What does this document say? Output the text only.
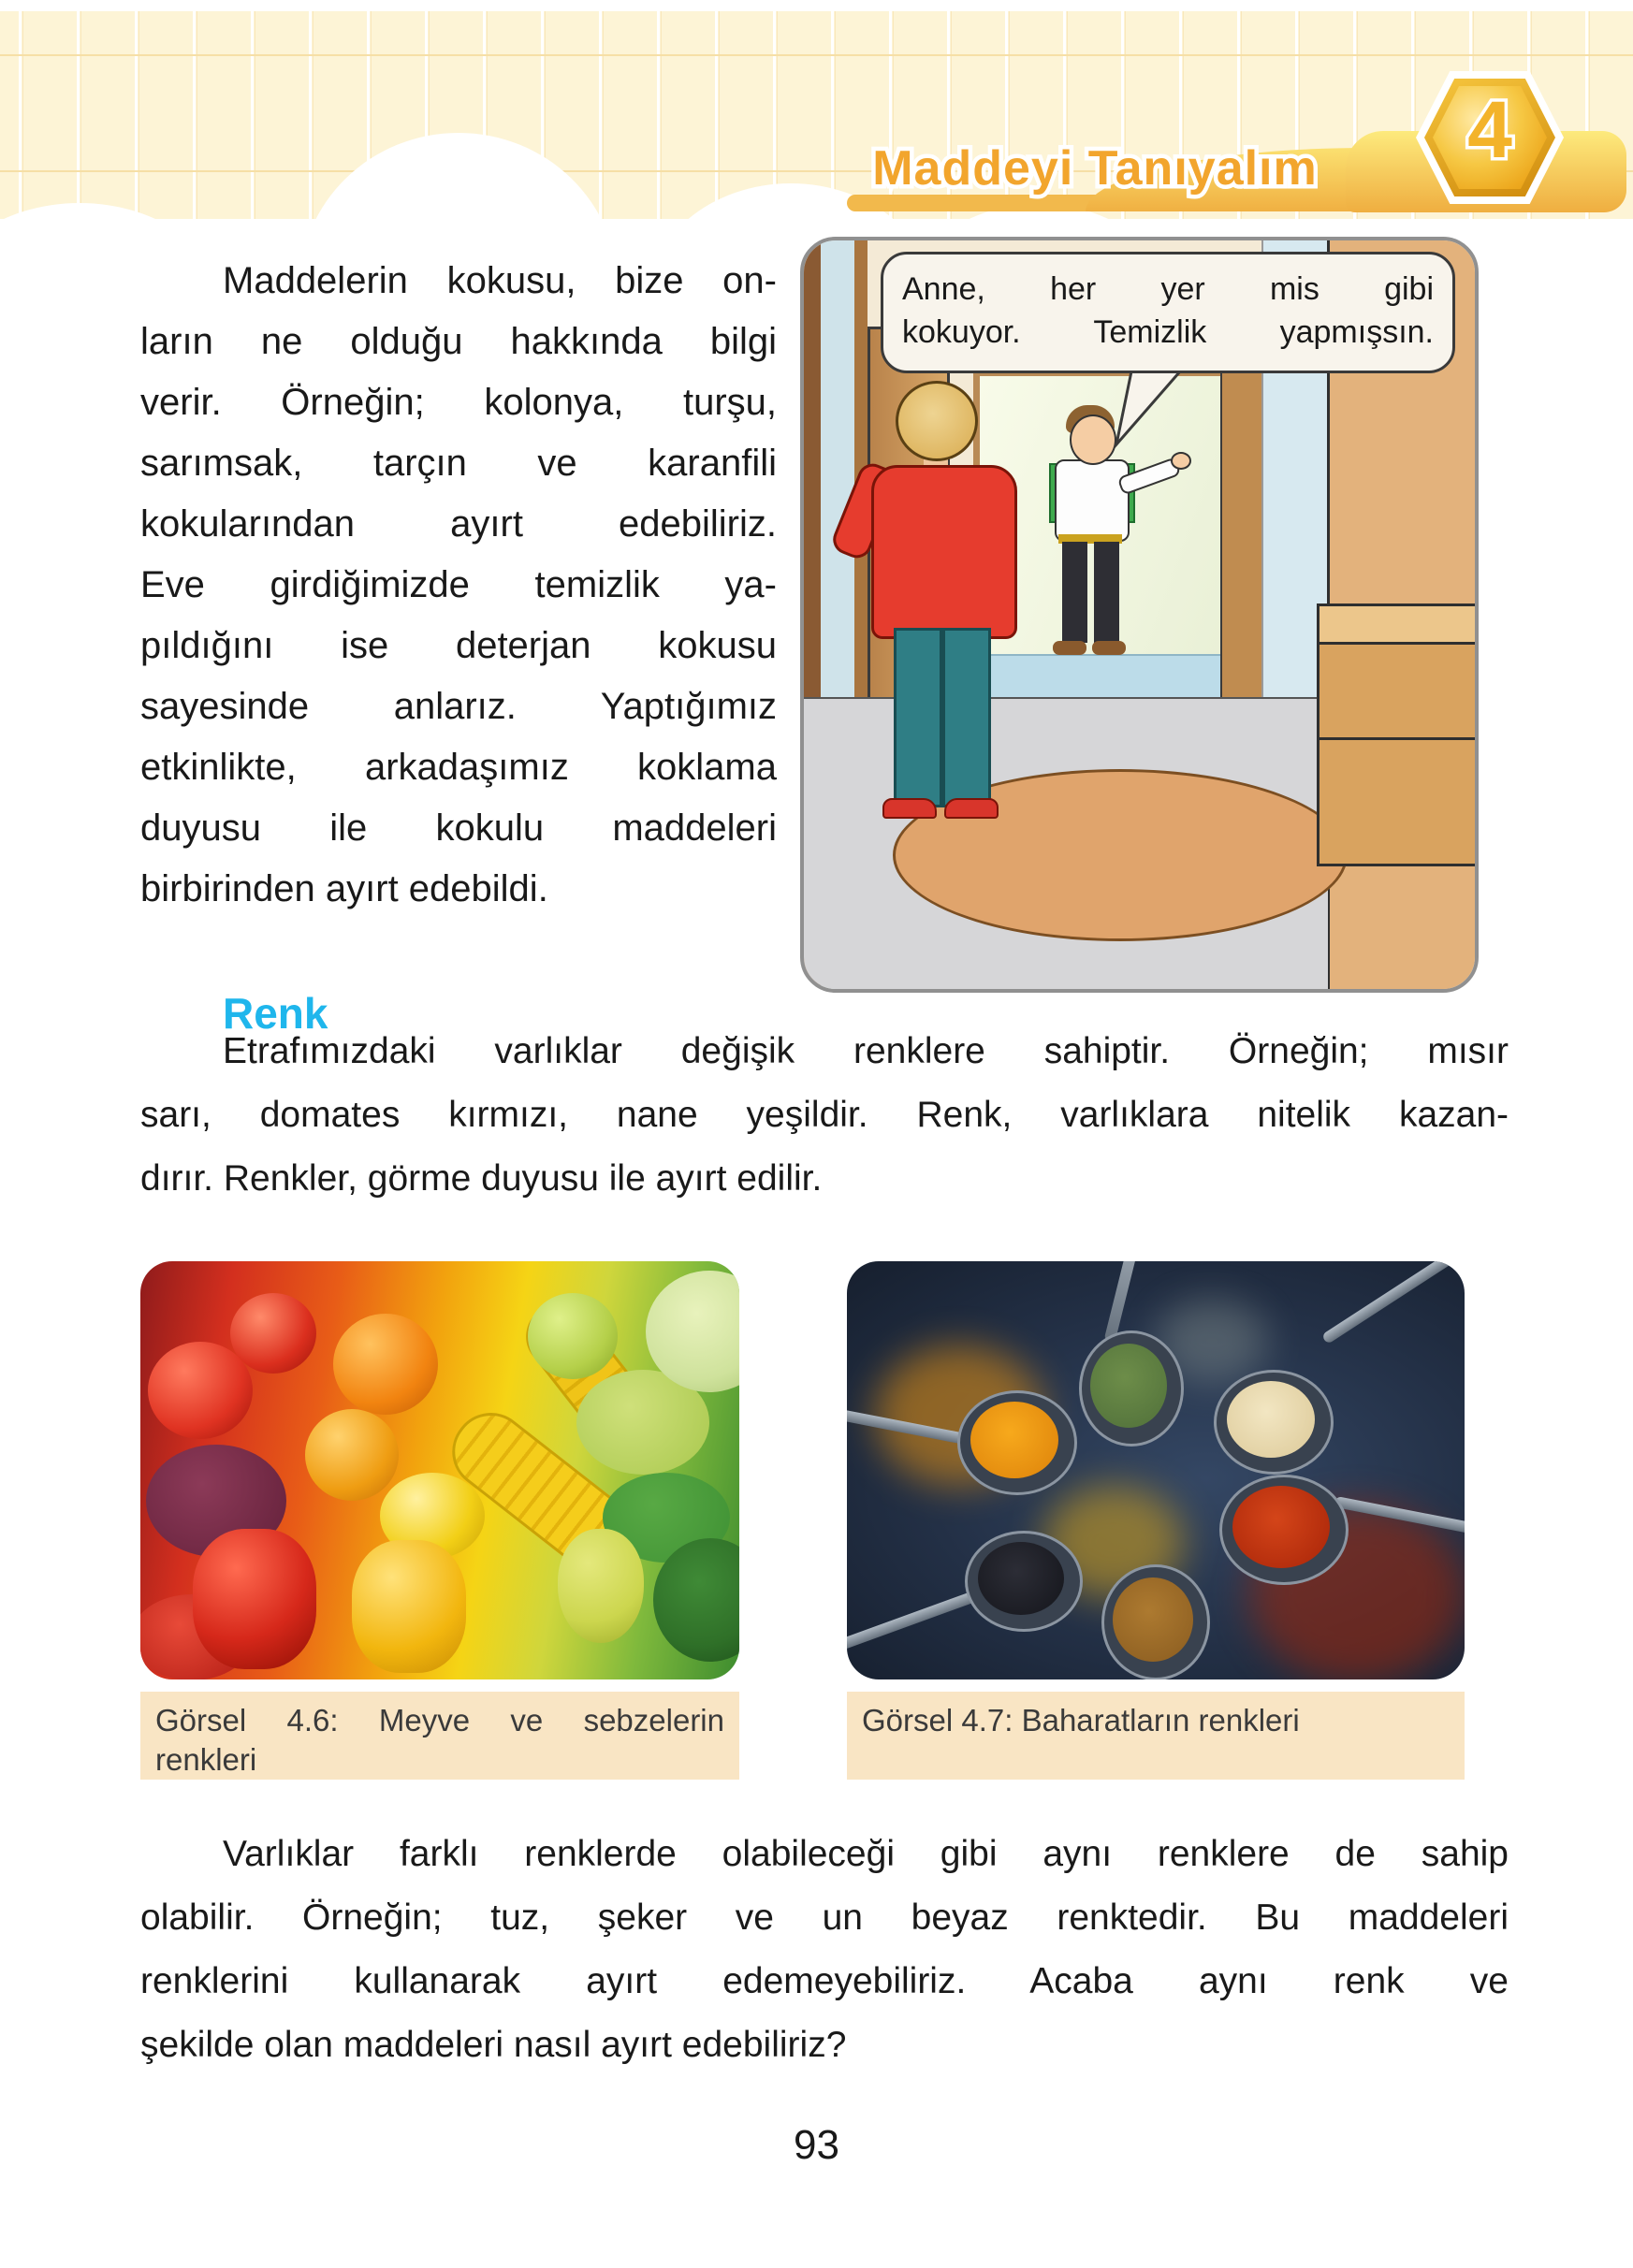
Maddeyi Tanıyalım	4
Maddelerin kokusu, bize on-
ların ne olduğu hakkında bilgi
verir. Örneğin; kolonya, turşu,
sarımsak, tarçın ve karanfili
kokularından ayırt edebiliriz.
Eve girdiğimizde temizlik ya-
pıldığını ise deterjan kokusu
sayesinde anlarız. Yaptığımız
etkinlikte, arkadaşımız koklama
duyusu ile kokulu maddeleri
birbirinden ayırt edebildi.
Anne, her yer mis gibi
kokuyor. Temizlik yapmışsın.
Renk
Etrafımızdaki varlıklar değişik renklere sahiptir. Örneğin; mısır
sarı, domates kırmızı, nane yeşildir. Renk, varlıklara nitelik kazan-
dırır. Renkler, görme duyusu ile ayırt edilir.
Görsel 4.6: Meyve ve sebzelerin
renkleri
Görsel 4.7: Baharatların renkleri
Varlıklar farklı renklerde olabileceği gibi aynı renklere de sahip
olabilir. Örneğin; tuz, şeker ve un beyaz renktedir. Bu maddeleri
renklerini kullanarak ayırt edemeyebiliriz. Acaba aynı renk ve
şekilde olan maddeleri nasıl ayırt edebiliriz?
93
